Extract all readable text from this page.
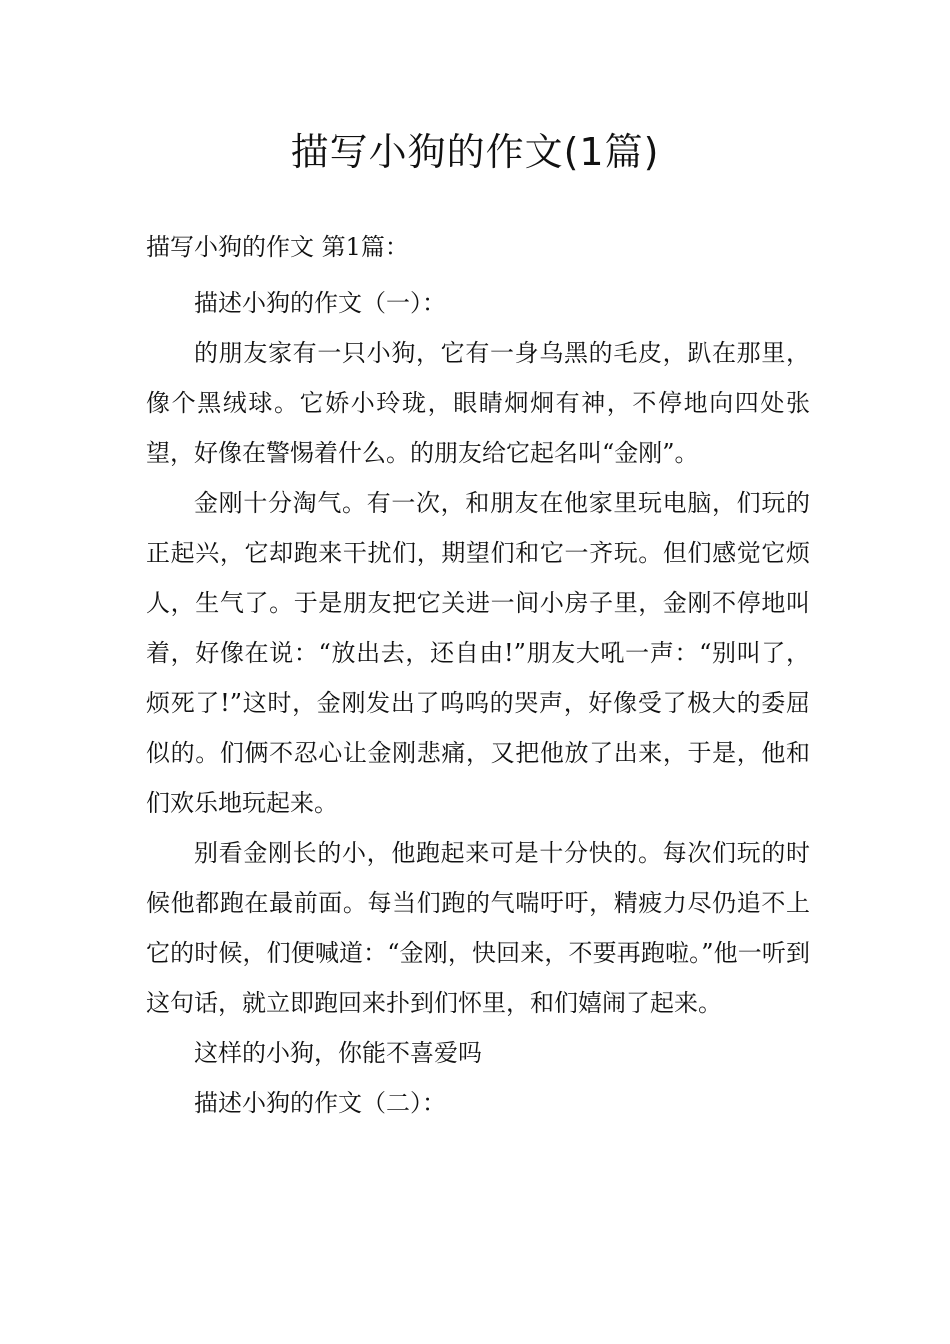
描写小狗的作文(1篇)

描写小狗的作文 第1篇：

描述小狗的作文（一）：

的朋友家有一只小狗，它有一身乌黑的毛皮，趴在那里，像个黑绒球。它娇小玲珑，眼睛炯炯有神，不停地向四处张望，好像在警惕着什么。的朋友给它起名叫“金刚”。

金刚十分淘气。有一次，和朋友在他家里玩电脑，们玩的正起兴，它却跑来干扰们，期望们和它一齐玩。但们感觉它烦人，生气了。于是朋友把它关进一间小房子里，金刚不停地叫着，好像在说：“放出去，还自由!”朋友大吼一声：“别叫了，烦死了!”这时，金刚发出了呜呜的哭声，好像受了极大的委屈似的。们俩不忍心让金刚悲痛，又把他放了出来，于是，他和们欢乐地玩起来。

别看金刚长的小，他跑起来可是十分快的。每次们玩的时候他都跑在最前面。每当们跑的气喘吁吁，精疲力尽仍追不上它的时候，们便喊道：“金刚，快回来，不要再跑啦。”他一听到这句话，就立即跑回来扑到们怀里，和们嬉闹了起来。

这样的小狗，你能不喜爱吗

描述小狗的作文（二）：
